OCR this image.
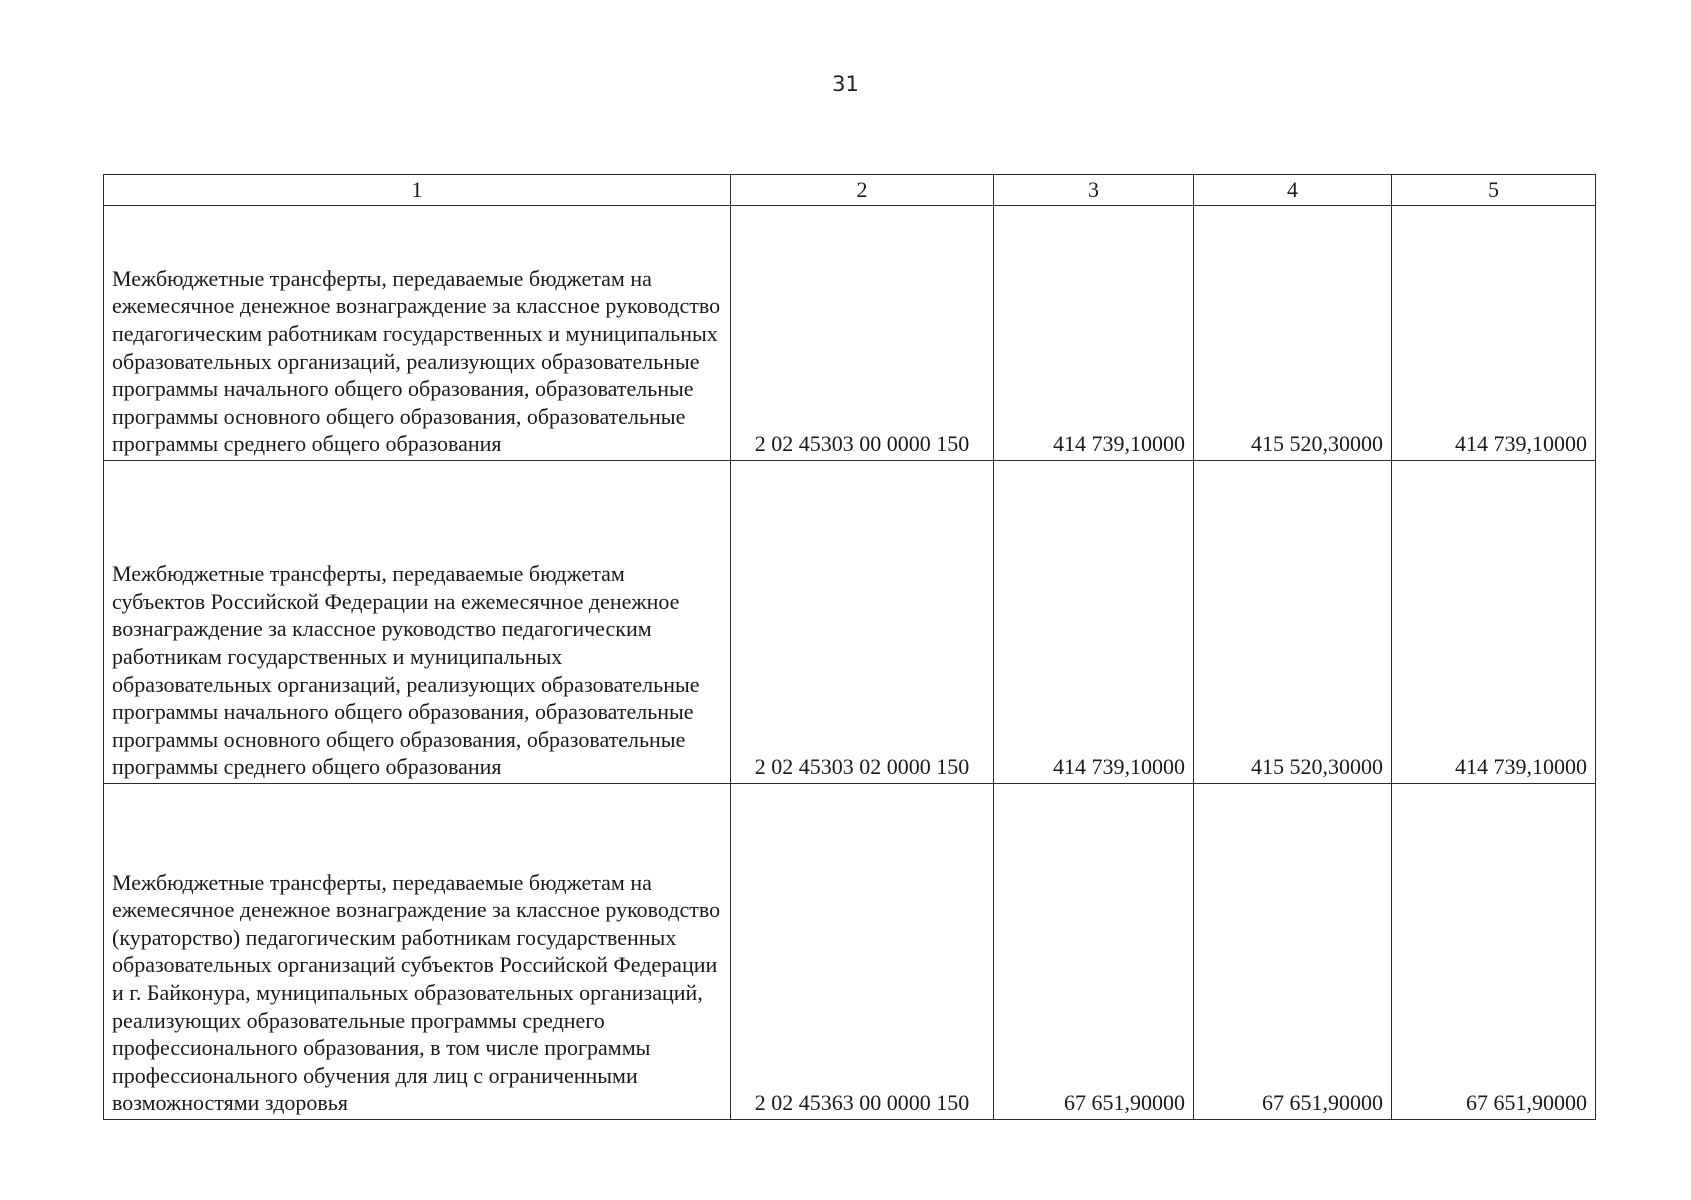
31
1	2	3	4	5
Межбюджетные трансферты, передаваемые бюджетам на ежемесячное денежное вознаграждение за классное руководство педагогическим работникам государственных и муниципальных образовательных организаций, реализующих образовательные программы начального общего образования, образовательные программы основного общего образования, образовательные программы среднего общего образования	2 02 45303 00 0000 150	414 739,10000	415 520,30000	414 739,10000
Межбюджетные трансферты, передаваемые бюджетам субъектов Российской Федерации на ежемесячное денежное вознаграждение за классное руководство педагогическим работникам государственных и муниципальных образовательных организаций, реализующих образовательные программы начального общего образования, образовательные программы основного общего образования, образовательные программы среднего общего образования	2 02 45303 02 0000 150	414 739,10000	415 520,30000	414 739,10000
Межбюджетные трансферты, передаваемые бюджетам на ежемесячное денежное вознаграждение за классное руководство (кураторство) педагогическим работникам государственных образовательных организаций субъектов Российской Федерации и г. Байконура, муниципальных образовательных организаций, реализующих образовательные программы среднего профессионального образования, в том числе программы профессионального обучения для лиц с ограниченными возможностями здоровья	2 02 45363 00 0000 150	67 651,90000	67 651,90000	67 651,90000
